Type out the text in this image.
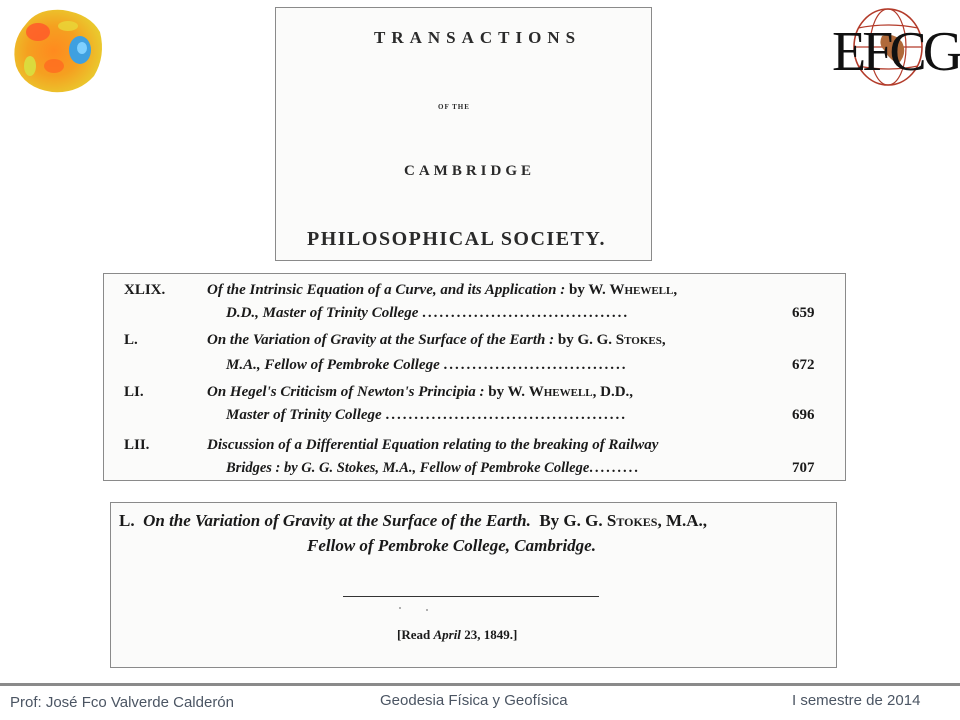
EFCG
TRANSACTIONS
OF THE
CAMBRIDGE
PHILOSOPHICAL SOCIETY.
XLIX.	Of the Intrinsic Equation of a Curve, and its Application : by W. Whewell,
D.D., Master of Trinity College ....................................	659
L.	On the Variation of Gravity at the Surface of the Earth : by G. G. Stokes,
M.A., Fellow of Pembroke College ................................	672
LI.	On Hegel's Criticism of Newton's Principia : by W. Whewell, D.D.,
Master of Trinity College ..........................................	696
LII.	Discussion of a Differential Equation relating to the breaking of Railway
Bridges : by G. G. Stokes, M.A., Fellow of Pembroke College.........	707
L. On the Variation of Gravity at the Surface of the Earth. By G. G. Stokes, M.A.,
Fellow of Pembroke College, Cambridge.
[Read April 23, 1849.]
Prof: José Fco Valverde Calderón	Geodesia Física y Geofísica	I semestre de 2014
